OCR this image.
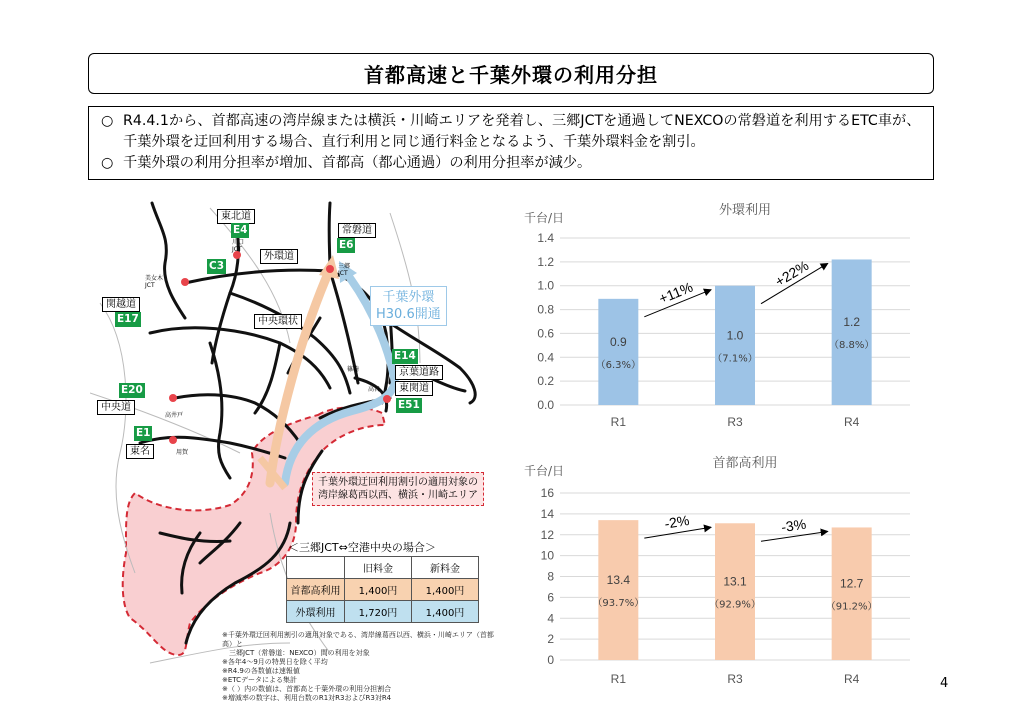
首都高速と千葉外環の利用分担
○ R4.4.1から、首都高速の湾岸線または横浜・川崎エリアを発着し、三郷JCTを通過してNEXCOの常磐道を利用するETC車が、千葉外環を迂回利用する場合、直行利用と同じ通行料金となるよう、千葉外環料金を割引。
○ 千葉外環の利用分担率が増加、首都高（都心通過）の利用分担率が減少。
東北道
E4
外環道
常磐道
E6
C3
関越道
E17	中央環状
E14
京葉道路
東関道
E51
E20
中央道
E1
東名
川口
JCT
三郷
JCT
美女木
JCT
高井戸
用賀
篠崎
高谷
千葉外環
H30.6開通
千葉外環迂回利用割引の適用対象の
湾岸線葛西以西、横浜・川崎エリア
＜三郷JCT⇔空港中央の場合＞
	旧料金	新料金
首都高利用	1,400円	1,400円
外環利用	1,720円	1,400円
※千葉外環迂回利用割引の適用対象である、湾岸線葛西以西、横浜・川崎エリア（首都高）と
　三郷JCT（常磐道：NEXCO）間の利用を対象
※各年4～9月の特異日を除く平均
※R4.9の各数値は速報値
※ETCデータによる集計
※（ ）内の数値は、首都高と千葉外環の利用分担割合
※増減率の数字は、利用台数のR1対R3およびR3対R4
0.0
0.2
0.4
0.6
0.8
1.0
1.2
1.4
外環利用
千台/日
R1
0.9
（6.3%）
R3
1.0
（7.1%）
R4
1.2
（8.8%）
+11%
+22%
0
2
4
6
8
10
12
14
16
首都高利用
千台/日
R1
13.4
（93.7%）
R3
13.1
（92.9%）
R4
12.7
（91.2%）
-2%	-3%
4
